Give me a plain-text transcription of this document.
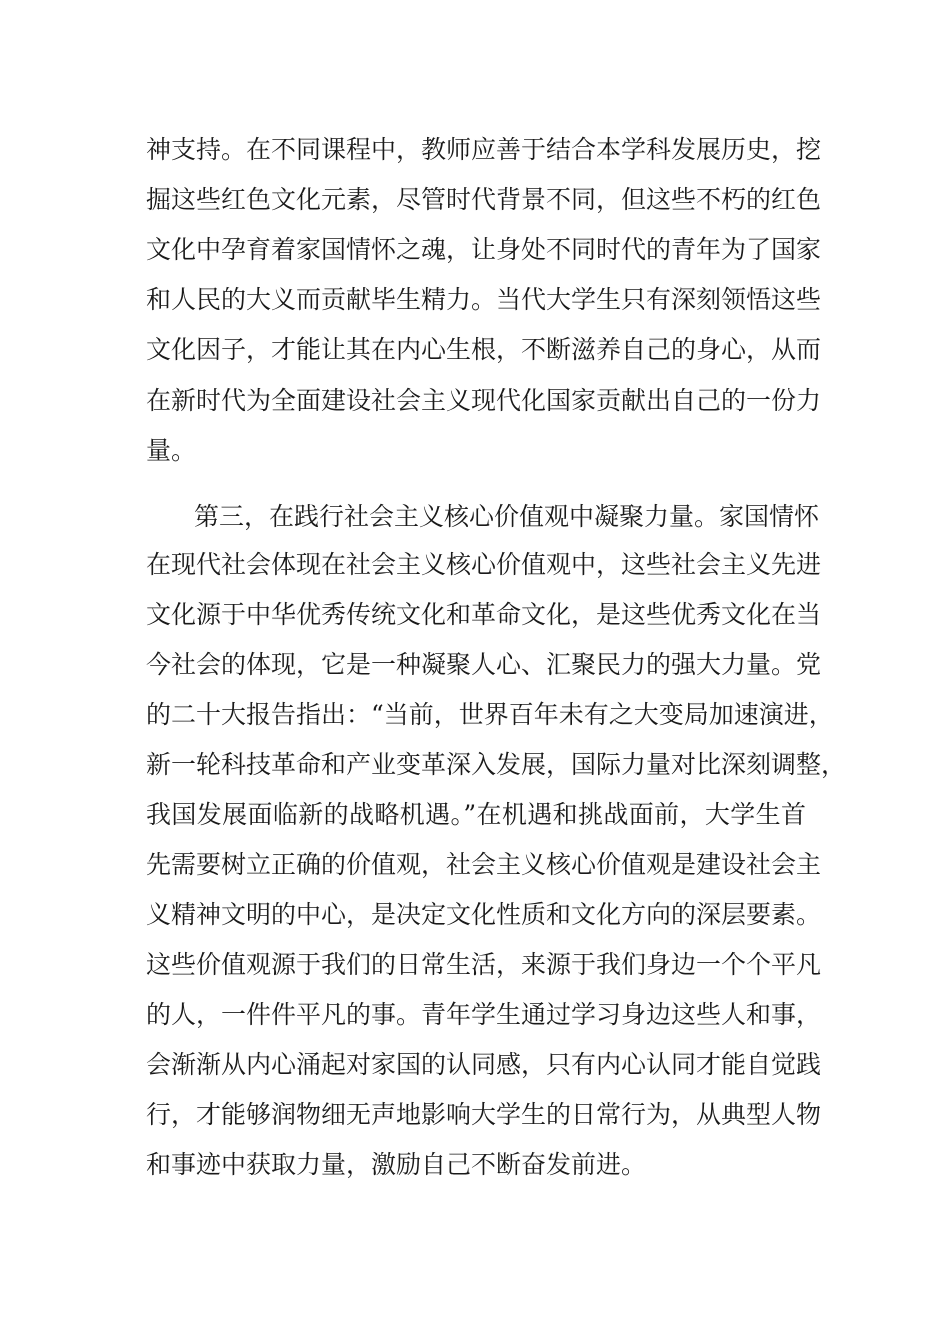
神支持。在不同课程中，教师应善于结合本学科发展历史，挖
掘这些红色文化元素，尽管时代背景不同，但这些不朽的红色
文化中孕育着家国情怀之魂，让身处不同时代的青年为了国家
和人民的大义而贡献毕生精力。当代大学生只有深刻领悟这些
文化因子，才能让其在内心生根，不断滋养自己的身心，从而
在新时代为全面建设社会主义现代化国家贡献出自己的一份力
量。
第三，在践行社会主义核心价值观中凝聚力量。家国情怀
在现代社会体现在社会主义核心价值观中，这些社会主义先进
文化源于中华优秀传统文化和革命文化，是这些优秀文化在当
今社会的体现，它是一种凝聚人心、汇聚民力的强大力量。党
的二十大报告指出：“当前，世界百年未有之大变局加速演进，
新一轮科技革命和产业变革深入发展，国际力量对比深刻调整，
我国发展面临新的战略机遇。”在机遇和挑战面前，大学生首
先需要树立正确的价值观，社会主义核心价值观是建设社会主
义精神文明的中心，是决定文化性质和文化方向的深层要素。
这些价值观源于我们的日常生活，来源于我们身边一个个平凡
的人，一件件平凡的事。青年学生通过学习身边这些人和事，
会渐渐从内心涌起对家国的认同感，只有内心认同才能自觉践
行，才能够润物细无声地影响大学生的日常行为，从典型人物
和事迹中获取力量，激励自己不断奋发前进。
